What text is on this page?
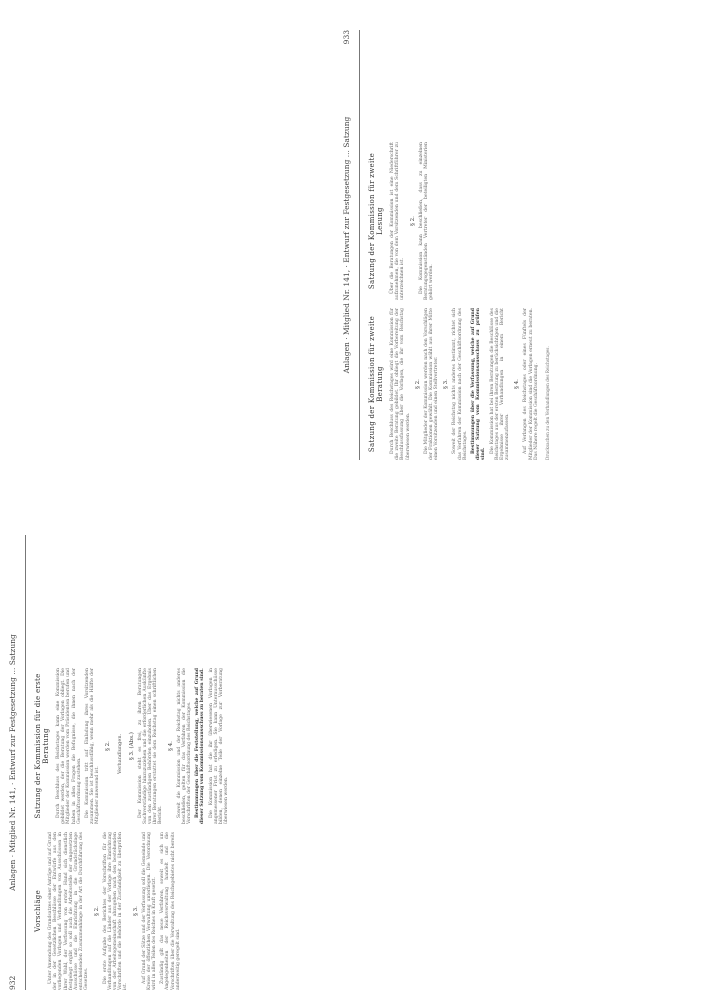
932
Anlagen · Mitglied Nr. 141, · Entwurf zur Festgesetzung ... Satzung
Vorschläge Unter Anwendung des Grundsatzes einer Anträge und auf Grund der in der Gesetzlichen Beschlüsse der Entwürfe aus den vorliegenden Vorlagen und Verhandlungen von Ausschüssen in ihrer Wahl, der Verfassung von erster Hand sich dienstlich festgelegt ergibt so soll auch die Arbeitsstelle der eingesetzten Ausschüsse und die Einrichtung in die Grundstückslage entscheidenden Zusammenhänge in der Art die Durchführung des Gesetzes.

§ 2. Die erste Aufgabe des Berichtes der Vorschriften für die Verhandlungen auf die Länder aus der Vorlage ihre Einrichtung von der Arbeitsgemeinschaft abzugeben nach den bestehenden Vorschriften und die Behörde in der Zuständigkeit zu überprüfen ist.

§ 3. Auf Grund der Sätze und der Verfassung soll die Gemeinde und Kreise der öffentlichen Verwaltung unterliegen. Die Verordnung wird in allen Teilen des Reiches in Kraft gesetzt. Zuständig gilt das neue Verfahren, soweit es sich um Angelegenheiten der Reichsverwaltung handelt und die Vorschriften über die Verwaltung des Reichsgebietes nicht bereits anderweitig geregelt sind.

Satzung der Kommission für die erste Beratung Durch Beschluss des Reichstages kann eine Kommission gebildet werden, der die Beratung der Vorlagen obliegt. Die Mitglieder der Kommission werden vom Präsidenten berufen und haben in allen Fragen die Befugnisse, die ihnen nach der Geschäftsordnung zustehen. Die Kommission tritt auf Einladung ihres Vorsitzenden zusammen. Sie ist beschlussfähig, wenn mehr als die Hälfte der Mitglieder anwesend ist.

§ 2. Verhandlungen. § 3. (Abs.) Der Kommission steht es frei, zu ihren Beratungen Sachverständige hinzuzuziehen und die erforderlichen Auskünfte von den zuständigen Behörden einzuholen. Über das Ergebnis ihrer Beratungen erstattet sie dem Reichstag einen schriftlichen Bericht.

§ 4. Soweit die Kommission und der Reichstag nichts anderes beschließen, gelten für das Verfahren der Kommission die Vorschriften der Geschäftsordnung des Reichstages. Bestimmungen über die Feststellung, welche auf Grund dieser Satzung vom Kommissionsausschuss zu beraten sind. Die Kommission hat die ihr überwiesenen Vorlagen in angemessener Frist zu erledigen. Sie kann Unterausschüsse bilden, denen einzelne Teile der Vorlage zur Vorberatung überwiesen werden.

Anlagen · Mitglied Nr. 141, · Entwurf zur Festgesetzung ... Satzung
933
Satzung der Kommission für zweite Beratung Durch Beschluss des Reichstages wird eine Kommission für die zweite Beratung gebildet. Ihr obliegt die Vorbereitung der Beschlussfassung über die Vorlagen, die ihr vom Reichstag überwiesen werden.

§ 2. Die Mitglieder der Kommission werden nach den Vorschlägen der Fraktionen gewählt. Die Kommission wählt aus ihrer Mitte einen Vorsitzenden und einen Stellvertreter. § 3. Soweit der Reichstag nichts anderes bestimmt, richtet sich das Verfahren der Kommission nach der Geschäftsordnung des Reichstages. Bestimmungen über die Verfassung, welche auf Grund dieser Satzung vom Kommissionsausschuss zu prüfen sind. Die Kommission hat bei ihren Beratungen die Beschlüsse des Reichstages aus der ersten Beratung zu berücksichtigen und die Ergebnisse ihrer Verhandlungen in einem Bericht zusammenzufassen.

§ 4. Auf Verlangen des Reichstages oder eines Fünftels der Mitglieder der Kommission sind die Vorlagen erneut zu beraten. Das Nähere regelt die Geschäftsordnung. Drucksachen zu den Verhandlungen des Reichstages.
Satzung der Kommission für zweite Lesung Über die Beratungen der Kommission ist eine Niederschrift aufzunehmen, die von dem Vorsitzenden und dem Schriftführer zu unterzeichnen ist.

§ 2. Die Kommission kann beschließen, dass zu einzelnen Beratungsgegenständen Vertreter der beteiligten Ministerien gehört werden.
